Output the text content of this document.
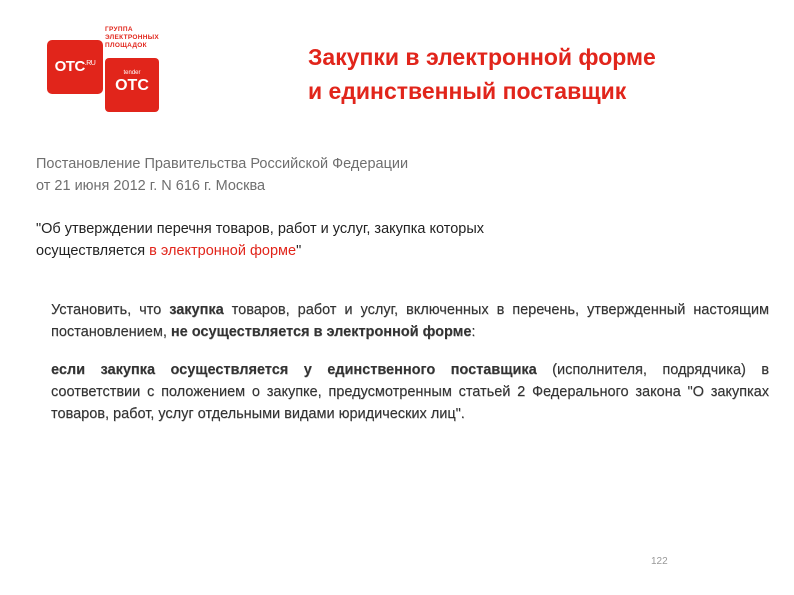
$OTC^{.RU}$
ГРУППА
ЭЛЕКТРОННЫХ
ПЛОЩАДОК
tender
OTC
Закупки в электронной форме
и единственный поставщик
Постановление Правительства Российской Федерации
от 21 июня 2012 г. N 616 г. Москва
"Об утверждении перечня товаров, работ и услуг, закупка которых
осуществляется в электронной форме"

Установить, что закупка товаров, работ и услуг, включенных в перечень, утвержденный настоящим постановлением, не осуществляется в электронной форме:

если закупка осуществляется у единственного поставщика (исполнителя, подрядчика) в соответствии с положением о закупке, предусмотренным статьей 2 Федерального закона "О закупках товаров, работ, услуг отдельными видами юридических лиц".

122
